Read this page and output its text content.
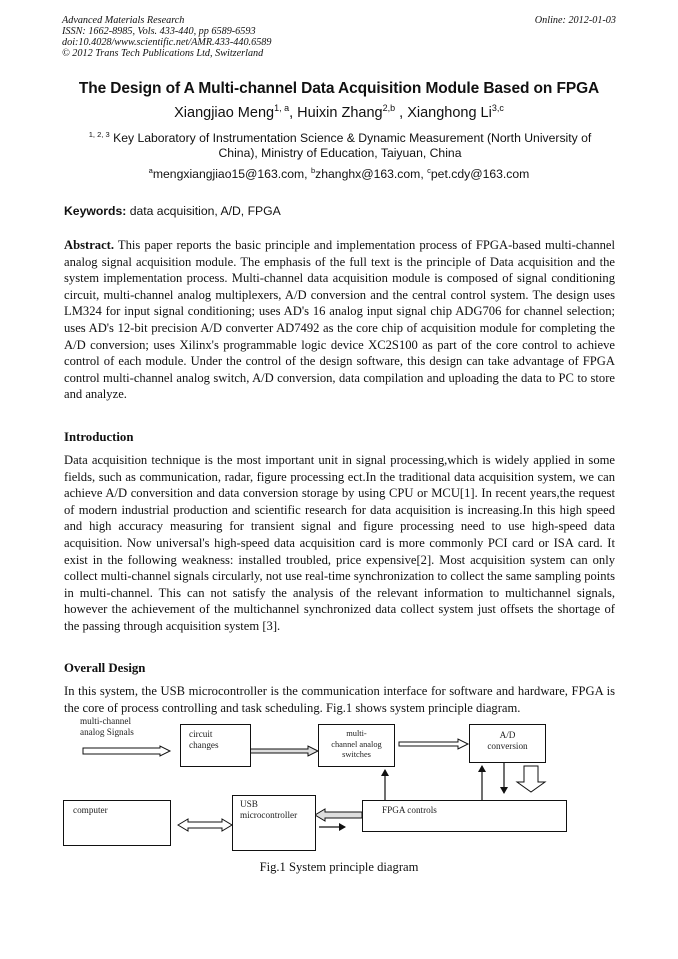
Advanced Materials Research
ISSN: 1662-8985, Vols. 433-440, pp 6589-6593
doi:10.4028/www.scientific.net/AMR.433-440.6589
© 2012 Trans Tech Publications Ltd, Switzerland
Online: 2012-01-03
The Design of A Multi-channel Data Acquisition Module Based on FPGA
Xiangjiao Meng$^{1, a}$, Huixin Zhang$^{2,b}$ , Xianghong Li$^{3,c}$
$^{1, 2, 3}$ Key Laboratory of Instrumentation Science & Dynamic Measurement (North University of China), Ministry of Education, Taiyuan, China
$^a$mengxiangjiao15@163.com, $^b$zhanghx@163.com, $^c$pet.cdy@163.com
Keywords: data acquisition, A/D, FPGA
Abstract. This paper reports the basic principle and implementation process of FPGA-based multi-channel analog signal acquisition module. The emphasis of the full text is the principle of Data acquisition and the system implementation process. Multi-channel data acquisition module is composed of signal conditioning circuit, multi-channel analog multiplexers, A/D conversion and the central control system. The design uses LM324 for input signal conditioning; uses AD's 16 analog input signal chip ADG706 for channel selection; uses AD's 12-bit precision A/D converter AD7492 as the core chip of acquisition module for completing the A/D conversion; uses Xilinx's programmable logic device XC2S100 as part of the core control to achieve control of each module. Under the control of the design software, this design can take advantage of FPGA control multi-channel analog switch, A/D conversion, data compilation and uploading the data to PC to store and analyze.
Introduction
Data acquisition technique is the most important unit in signal processing,which is widely applied in some fields, such as communication, radar, figure processing ect.In the traditional data acquisition system, we can achieve A/D conversition and data conversion storage by using CPU or MCU[1]. In recent years,the request of modern industrial production and scientific research for data acquisition is increasing.In this high speed and high accuracy measuring for transient signal and figure processing need to use high-speed data acquisition. Now universal's high-speed data acquisition card is more commonly PCI card or ISA card. It exist in the following weakness: installed troubled, price expensive[2]. Most acquisition system can only collect multi-channel signals circularly, not use real-time synchronization to collect the same sampling points in multi-channel. This can not satisfy the analysis of the relevant information to multichannel signals, however the achievement of the multichannel synchronized data collect system just offsets the shortage of the passing through acquisition system [3].
Overall Design
In this system, the USB microcontroller is the communication interface for software and hardware, FPGA is the core of process controlling and task scheduling. Fig.1 shows system principle diagram.
multi-channel
analog Signals	circuit
changes
multi-
channel analog
switches
A/D
conversion
computer
USB
microcontroller	FPGA controls
Fig.1 System principle diagram
